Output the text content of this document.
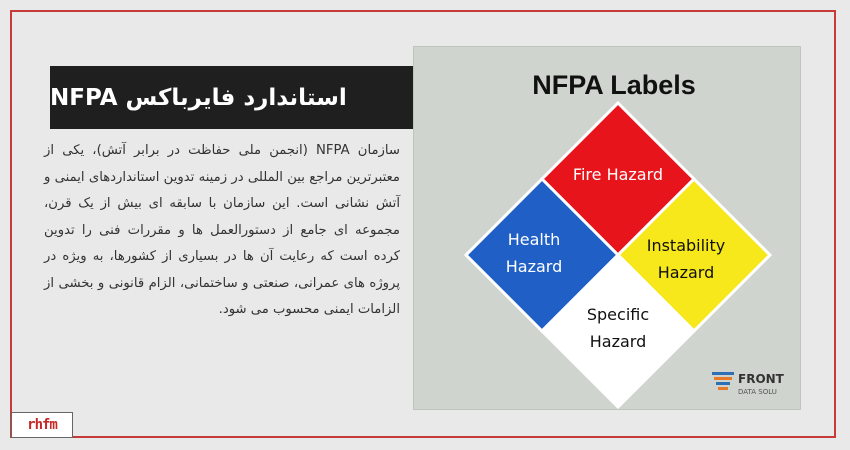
استاندارد فایرباکس NFPA
سازمان NFPA (انجمن ملی حفاظت در برابر آتش)، یکی از معتبرترین مراجع بین المللی در زمینه تدوین استانداردهای ایمنی و آتش نشانی است. این سازمان با سابقه ای بیش از یک قرن، مجموعه ای جامع از دستورالعمل ها و مقررات فنی را تدوین کرده است که رعایت آن ها در بسیاری از کشورها، به ویژه در پروژه های عمرانی، صنعتی و ساختمانی، الزام قانونی و بخشی از الزامات ایمنی محسوب می شود.
NFPA Labels
Fire Hazard
Health
Hazard
Instability
Hazard
Specific
Hazard
FRONT
DATA SOLU
rhfm
